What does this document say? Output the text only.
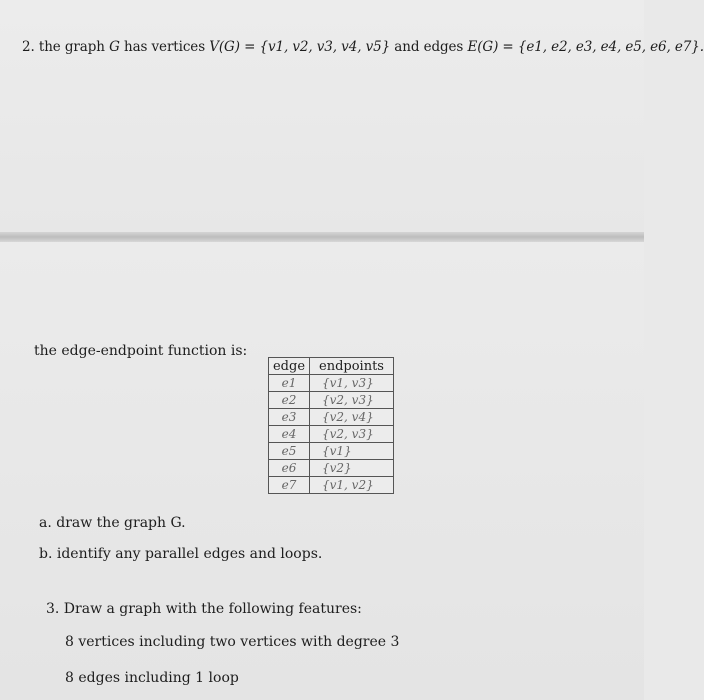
2. the graph G has vertices V(G) = {v1, v2, v3, v4, v5} and edges E(G) = {e1, e2, e3, e4, e5, e6, e7}.
the edge-endpoint function is:
edge	endpoints
e1	{v1, v3}
e2	{v2, v3}
e3	{v2, v4}
e4	{v2, v3}
e5	{v1}
e6	{v2}
e7	{v1, v2}
a. draw the graph G.
b. identify any parallel edges and loops.
3. Draw a graph with the following features:
8 vertices including two vertices with degree 3
8 edges including 1 loop
